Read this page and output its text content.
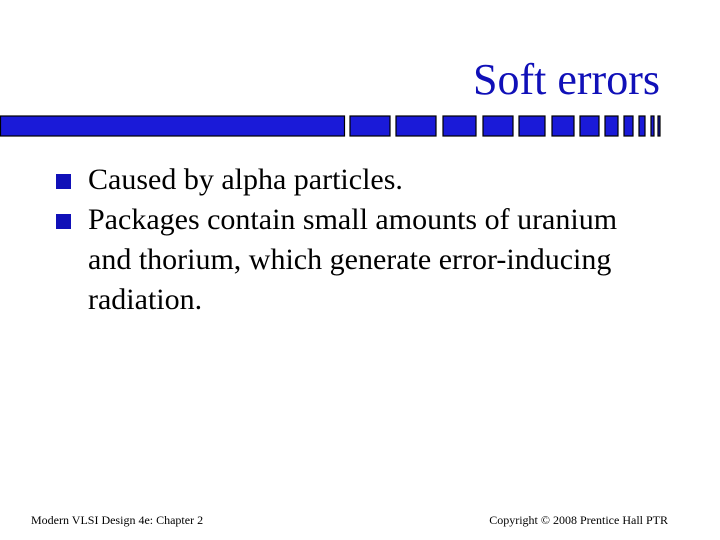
Soft errors
Caused by alpha particles.
Packages contain small amounts of uranium and thorium, which generate error-inducing radiation.
Modern VLSI Design 4e: Chapter 2	Copyright © 2008 Prentice Hall PTR
